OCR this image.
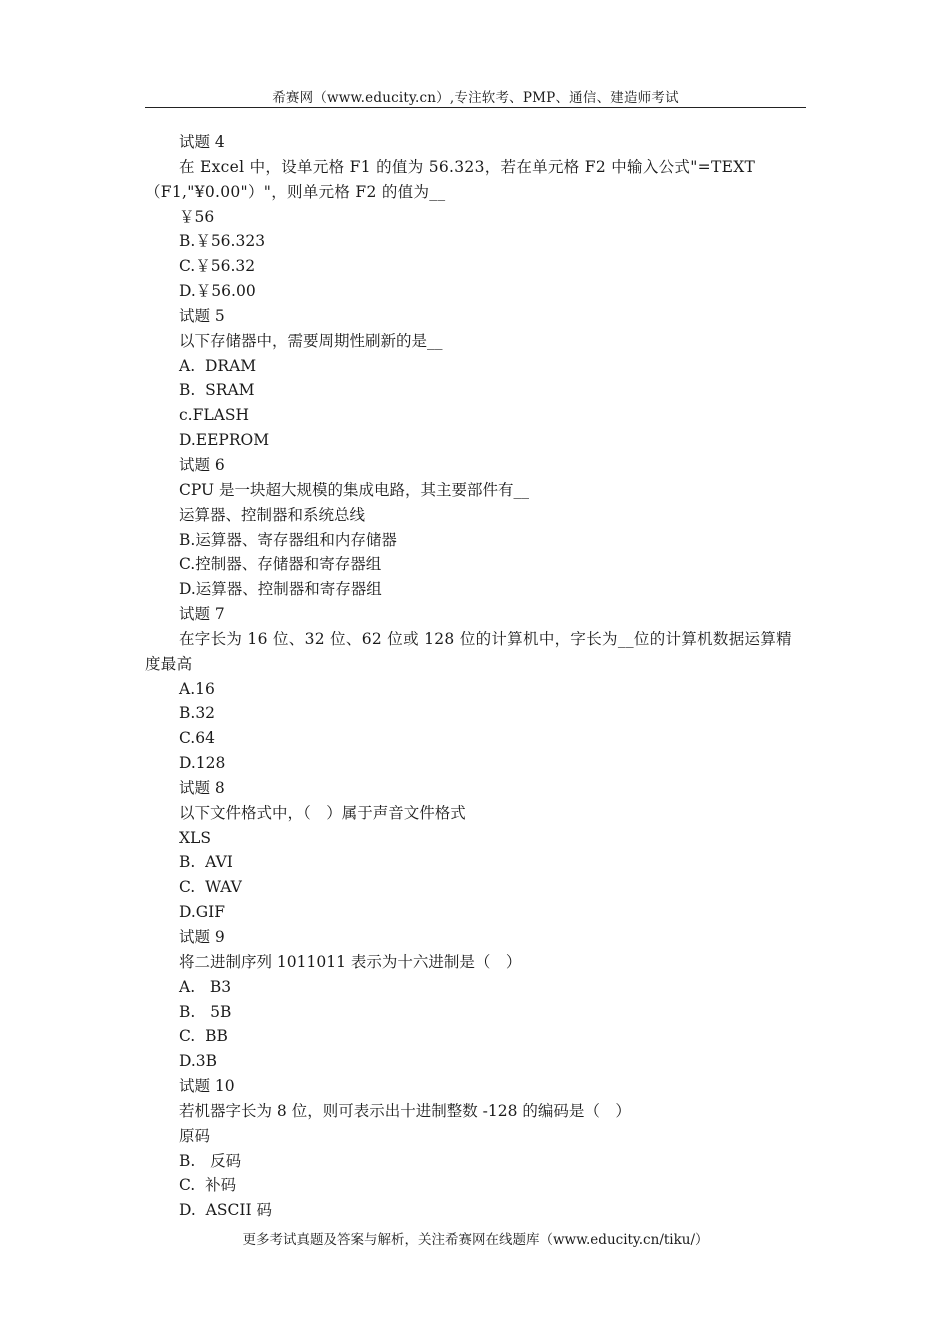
希赛网（www.educity.cn）,专注软考、PMP、通信、建造师考试
试题 4
在 Excel 中，设单元格 F1 的值为 56.323，若在单元格 F2 中输入公式"=TEXT（F1,"¥0.00"）"，则单元格 F2 的值为__
￥56
B.￥56.323
C.￥56.32
D.￥56.00
试题 5
以下存储器中，需要周期性刷新的是__
A.  DRAM
B.  SRAM
c.FLASH
D.EEPROM
试题 6
CPU 是一块超大规模的集成电路，其主要部件有__
运算器、控制器和系统总线
B.运算器、寄存器组和内存储器
C.控制器、存储器和寄存器组
D.运算器、控制器和寄存器组
试题 7
在字长为 16 位、32 位、62 位或 128 位的计算机中，字长为__位的计算机数据运算精度最高
A.16
B.32
C.64
D.128
试题 8
以下文件格式中，（　）属于声音文件格式
XLS
B.  AVI
C.  WAV
D.GIF
试题 9
将二进制序列 1011011 表示为十六进制是（　）
A.   B3
B.   5B
C.  BB
D.3B
试题 10
若机器字长为 8 位，则可表示出十进制整数 -128 的编码是（　）
原码
B.   反码
C.  补码
D.  ASCII 码
更多考试真题及答案与解析，关注希赛网在线题库（www.educity.cn/tiku/）
